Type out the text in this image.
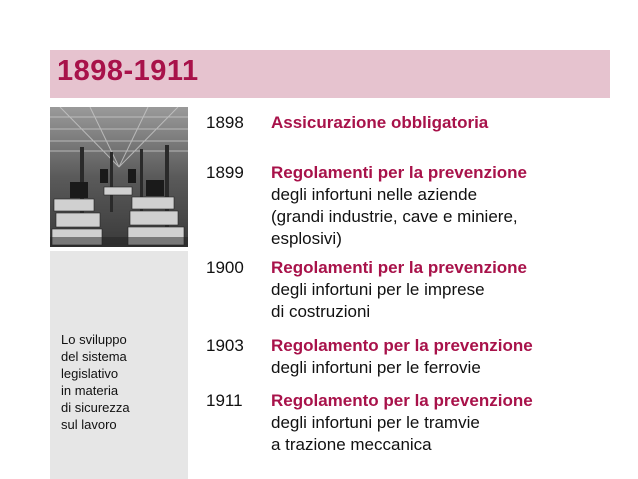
1898-1911
Lo sviluppo
del sistema
legislativo
in materia
di sicurezza
sul lavoro
1898 Assicurazione obbligatoria
1899 Regolamenti per la prevenzione
degli infortuni nelle aziende
(grandi industrie, cave e miniere,
esplosivi)
1900 Regolamenti per la prevenzione
degli infortuni per le imprese
di costruzioni
1903 Regolamento per la prevenzione
degli infortuni per le ferrovie
1911 Regolamento per la prevenzione
degli infortuni per le tramvie
a trazione meccanica
